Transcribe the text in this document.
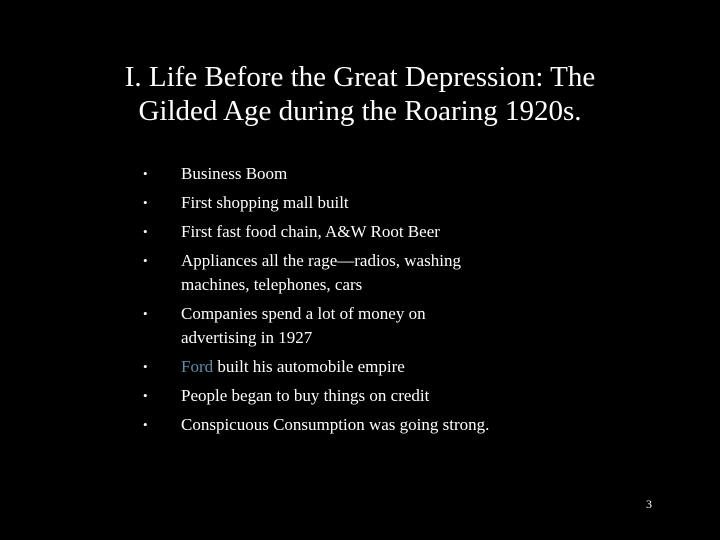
I. Life Before the Great Depression: The
Gilded Age during the Roaring 1920s.
• Business Boom
• First shopping mall built
• First fast food chain, A&W Root Beer
• Appliances all the rage—radios, washing
machines, telephones, cars
• Companies spend a lot of money on
advertising in 1927
• Ford built his automobile empire
• People began to buy things on credit
• Conspicuous Consumption was going strong.
3
